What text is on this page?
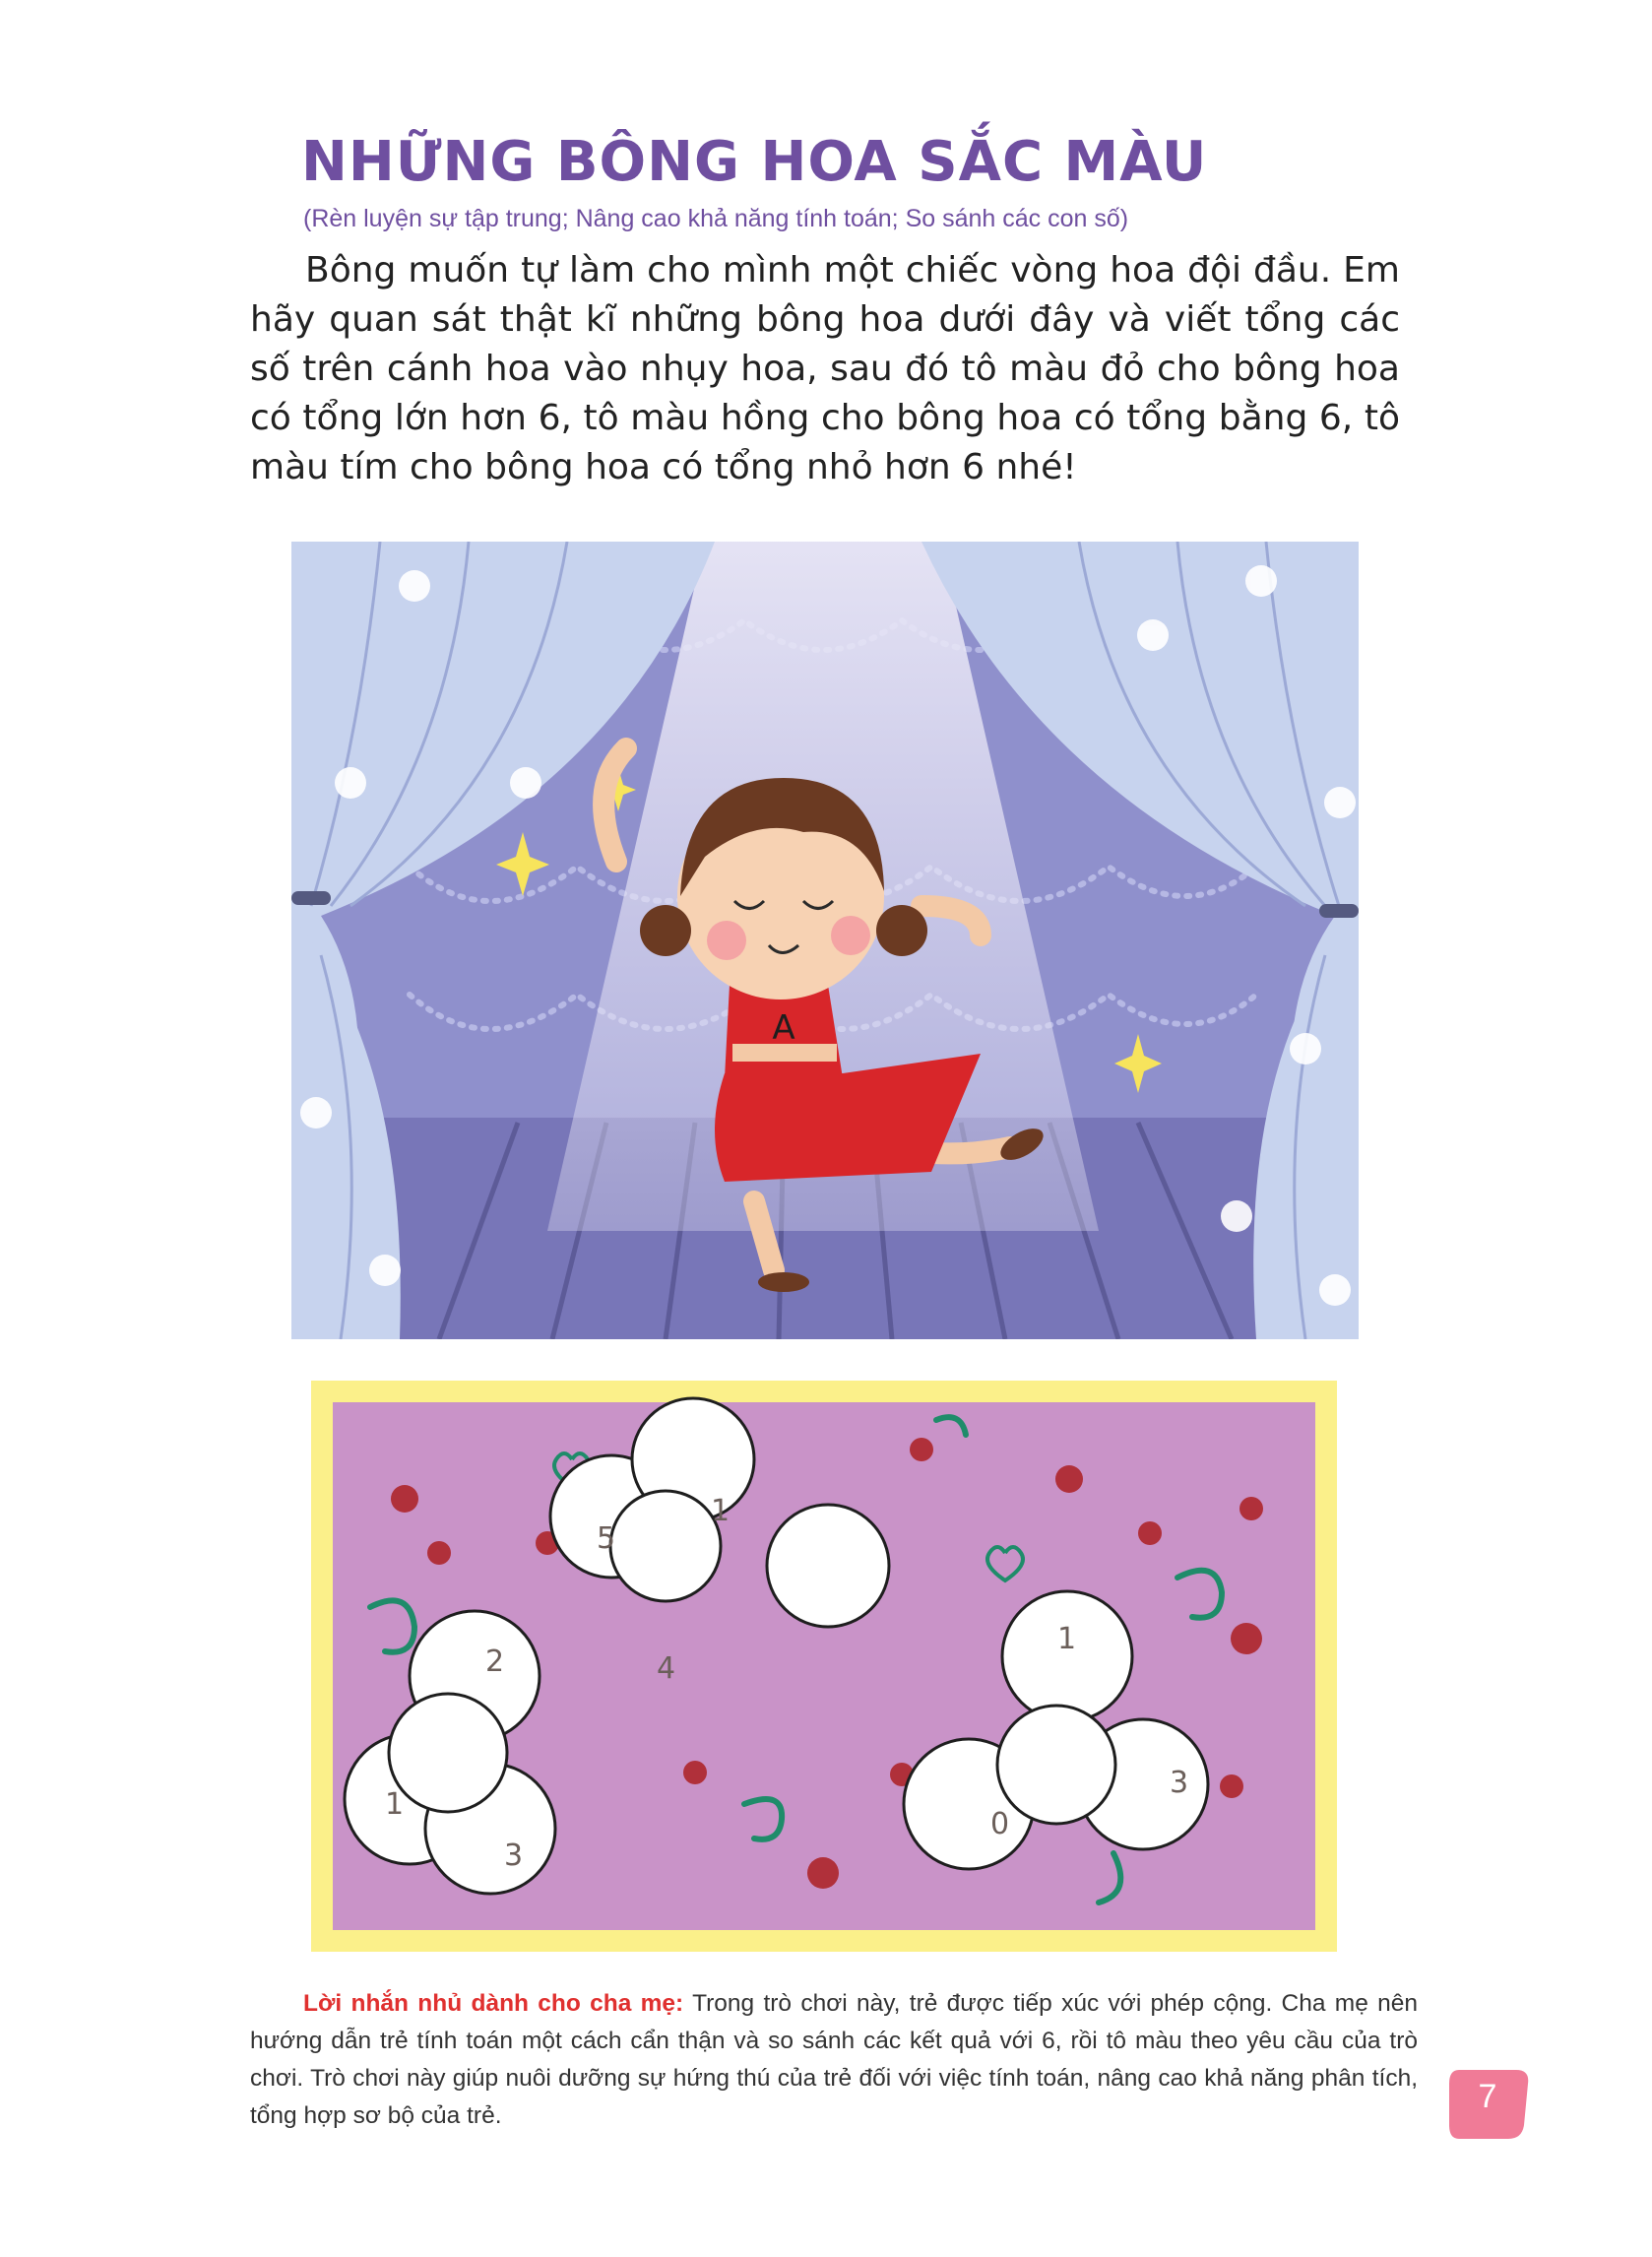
NHỮNG BÔNG HOA SẮC MÀU
(Rèn luyện sự tập trung; Nâng cao khả năng tính toán; So sánh các con số)
Bông muốn tự làm cho mình một chiếc vòng hoa đội đầu. Em hãy quan sát thật kĩ những bông hoa dưới đây và viết tổng các số trên cánh hoa vào nhụy hoa, sau đó tô màu đỏ cho bông hoa có tổng lớn hơn 6, tô màu hồng cho bông hoa có tổng bằng 6, tô màu tím cho bông hoa có tổng nhỏ hơn 6 nhé!
A
5
1
4
2
1
3
1
3
0
Lời nhắn nhủ dành cho cha mẹ: Trong trò chơi này, trẻ được tiếp xúc với phép cộng. Cha mẹ nên hướng dẫn trẻ tính toán một cách cẩn thận và so sánh các kết quả với 6, rồi tô màu theo yêu cầu của trò chơi. Trò chơi này giúp nuôi dưỡng sự hứng thú của trẻ đối với việc tính toán, nâng cao khả năng phân tích, tổng hợp sơ bộ của trẻ.
7
